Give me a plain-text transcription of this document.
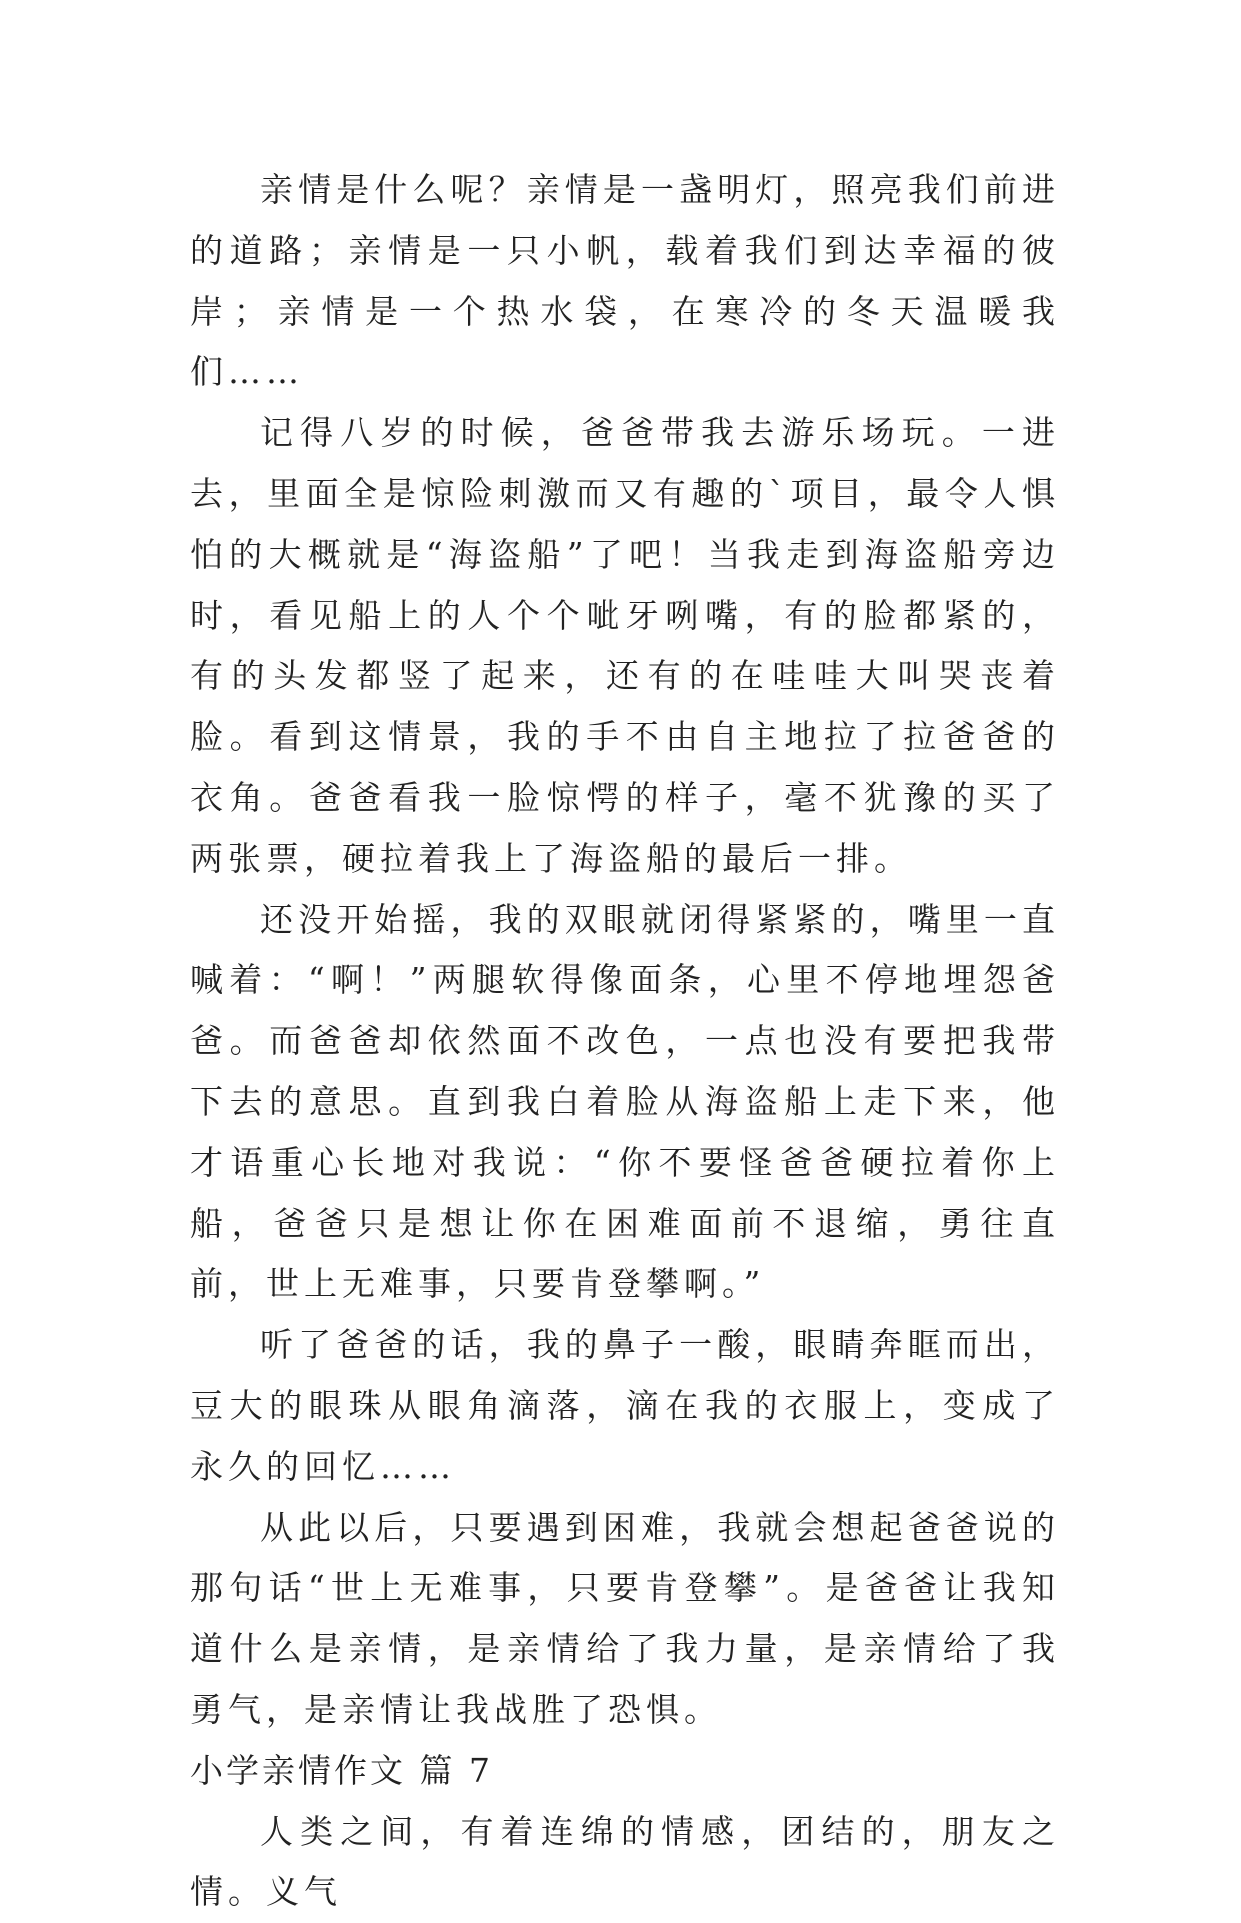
亲情是什么呢？亲情是一盏明灯，照亮我们前进的道路；亲情是一只小帆，载着我们到达幸福的彼岸；亲情是一个热水袋，在寒冷的冬天温暖我们……

记得八岁的时候，爸爸带我去游乐场玩。一进去，里面全是惊险刺激而又有趣的`项目，最令人惧怕的大概就是“海盗船”了吧！当我走到海盗船旁边时，看见船上的人个个呲牙咧嘴，有的脸都紧的，有的头发都竖了起来，还有的在哇哇大叫哭丧着脸。看到这情景，我的手不由自主地拉了拉爸爸的衣角。爸爸看我一脸惊愕的样子，毫不犹豫的买了两张票，硬拉着我上了海盗船的最后一排。

还没开始摇，我的双眼就闭得紧紧的，嘴里一直喊着：“啊！”两腿软得像面条，心里不停地埋怨爸爸。而爸爸却依然面不改色，一点也没有要把我带下去的意思。直到我白着脸从海盗船上走下来，他才语重心长地对我说：“你不要怪爸爸硬拉着你上船，爸爸只是想让你在困难面前不退缩，勇往直前，世上无难事，只要肯登攀啊。”

听了爸爸的话，我的鼻子一酸，眼睛奔眶而出，豆大的眼珠从眼角滴落，滴在我的衣服上，变成了永久的回忆……

从此以后，只要遇到困难，我就会想起爸爸说的那句话“世上无难事，只要肯登攀”。是爸爸让我知道什么是亲情，是亲情给了我力量，是亲情给了我勇气，是亲情让我战胜了恐惧。

小学亲情作文 篇 7

人类之间，有着连绵的情感，团结的，朋友之情。义气
